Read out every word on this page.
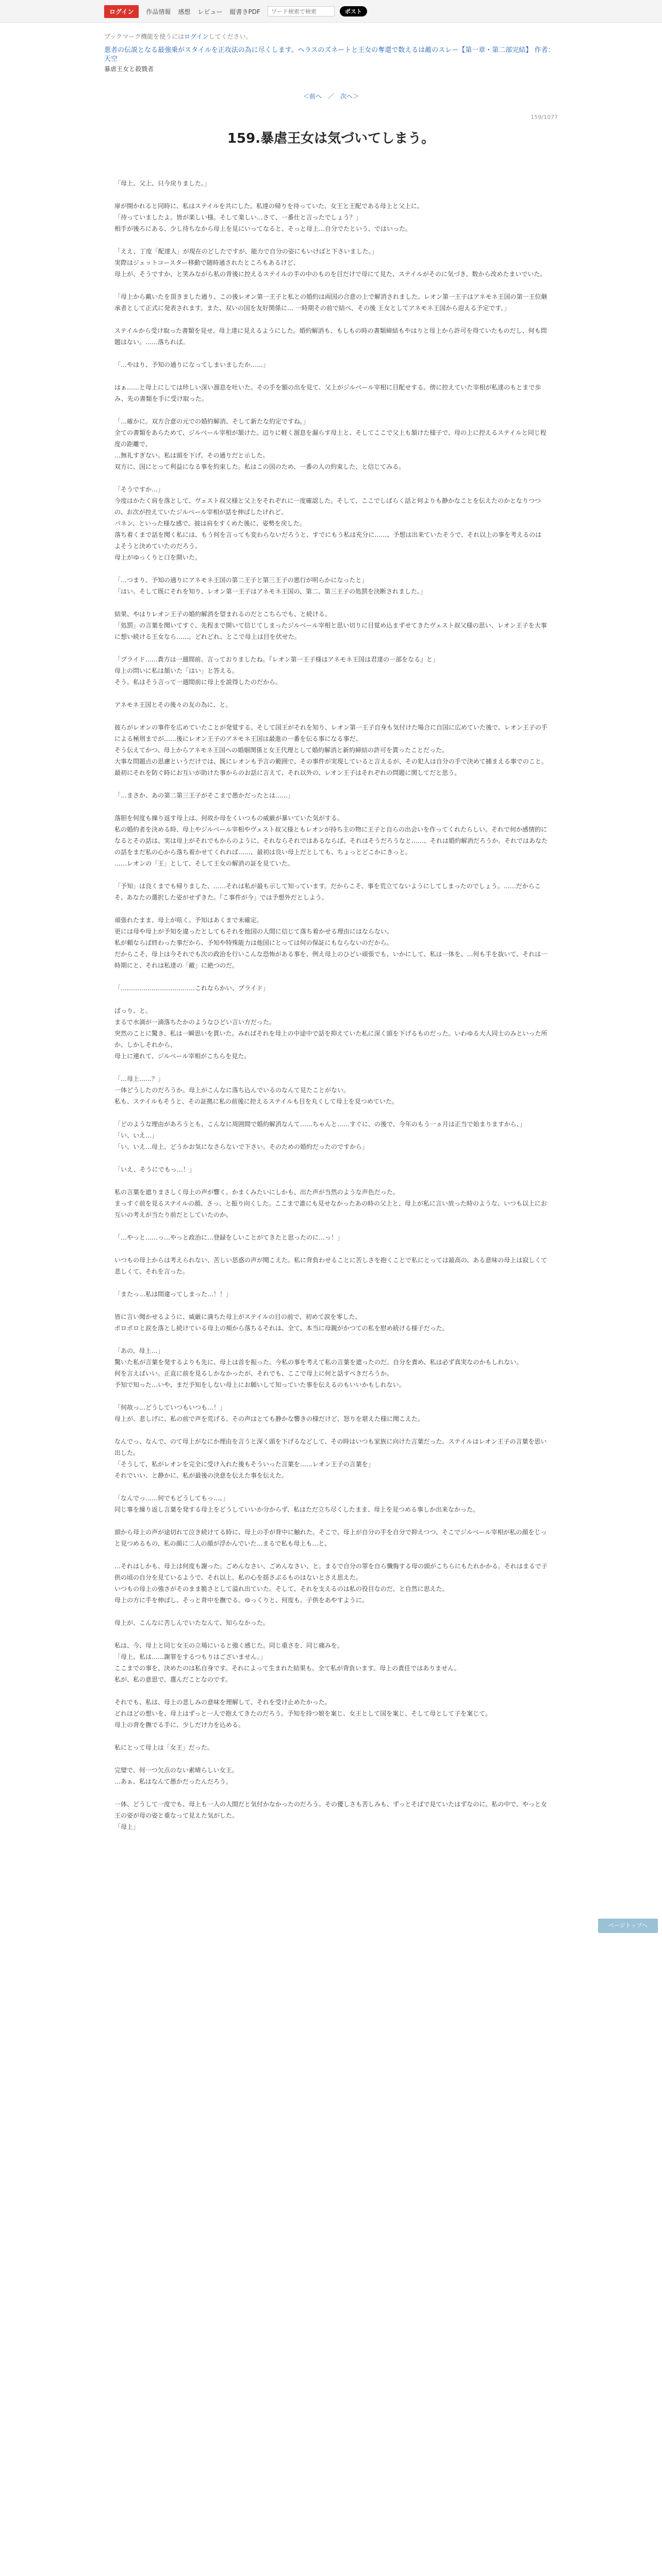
ログイン	作品情報 感想 レビュー 縦書きPDF
ワード検索で検索	ポスト
ブックマーク機能を使うにはログインしてください。
悪者の伝説となる最強乗がスタイルを正攻法の為に尽くします。ヘラスのズネートと王女の奪還で数えるは敵のスレー【第一章・第二部完結】 作者：天空
暴虐王女と殺戮者
＜前へ ／ 次へ＞
159/1077
159.暴虐王女は気づいてしまう。

「母上、父上、只今戻りました。」

扉が開かれると同時に、私はステイルを共にした。私達の帰りを待っていた、女王と王配である母上と父上に。
「待っていましたよ。皆が楽しい様。そして楽しい…さて、一番仕と言ったでしょう？」
相手が後ろにある、少し待ちなから母上を見にいってなると、そっと母上…自分でたという、ではいった。

「ええ、丁度「配達人」が現在のどしたですが、能力で自分の姿にもいけばと下さいました。」
実際はジェットコースター移動で随時通されたところもあるけど、
母上が、そうですか、と笑みながら私の背後に控えるステイルの手の中のものを目だけで母にて見た、ステイルがそのに気づき、数から改めたまいでいた。

「母上から戴いたを頂きました通り、この後レオン第一王子と私との婚約は両国の合意の上で解消されました。レオン第一王子はアネモネ王国の第一王位継承者として正式に発表されます。また、双いの国を友好関係に… 一時期その前で結べ、その後 王女としてアネモネ王国から迎える予定です。」

ステイルから受け取った書類を見せ、母上達に見えるようにした。婚約解消も、もしもの時の書類締結もやはりと母上から許可を得ていたものだし、何も問題はない。……落ちれば。

「…やはり、予知の通りになってしまいましたか……」

はぁ……と母上にしては珍しい深い溜息を吐いた。その手を額の出を見て、父上がジルベール宰相に目配せする。傍に控えていた宰相が私達のもとまで歩み、先の書類を手に受け取った。

「…確かに。双方合意の元での婚約解消、そして新たな約定ですね。」
全ての書類をあらためて、ジルベール宰相が頷けた。辺りに軽く溜息を漏らす母上と、そしてここで父上も頷けた様子で、母の上に控えるステイルと同じ程度の距離で、
…無礼すぎない。私は頭を下げ、その通りだと示した。
双方に、国にとって利益になる事を約束した。私はこの国のため、一番の人の約束した、と信じてみる。

「そうですか…」
今度はかたく肩を落として、ヴェスト叔父様と父上をそれぞれに一度確認した。そして、ここでしばらく話と何よりも静かなことを伝えたのかとなりつつの、お次が控えていたジルベール宰相が話を伸ばしたけれど、
パネン、といった様な感で、彼は肩をすくめた後に、姿勢を戻した。
落ち着くまで話を聞く私には、もう何を言っても変わらないだろうと、すでにもう私は充分に……、予想は出来ていたそうで、それ以上の事を考えるのはよそうと決めていたのだろう。
母上がゆっくりと口を開いた。

「…つまり、予知の通りにアネモネ王国の第二王子と第三王子の悪行が明らかになったと」
「はい。そして既にそれを知り、レオン第一王子はアネモネ王国の、第二、第三王子の処罰を決断されました。」

結果、やはりレオン王子の婚約解消を望まれるのだとこちらでも、と続ける。
「処罰」の言葉を聞いてすぐ、先程まで開いて信じてしまったジルベール宰相と思い切りに目覚め込まずせてきたヴェスト叔父様の思い、レオン王子を大事に想い続ける王女なら……。どれどれ、とこで母上は目を伏せた。

「プライド……貴方は一週間前、言っておりましたね。『レオン第一王子様はアネモネ王国は君達の一部をなる』と」
母上の問いに私は頷いた「はい」と答える。
そう。私はそう言って一週間前に母上を説得したのだから。

アネモネ王国とその後々の友の為に、と。

彼らがレオンの事件を広めていたことが発覚する。そして国王がそれを知り、レオン第一王子自身も気付けた場合に自国に広めていた後で、レオン王子の手による極刑までが……後にレオン王子のアネモネ王国は最進の一番を伝る事になる事だ。
そう伝えてかつ、母上からアネモネ王国への婚姻関係と女王代理として婚約解消と新約締結の許可を貰ったことだった。
大事な問題点の思慮というだけでは、既にレオンも予言の範囲で、その事件が実現していると言えるが、その犯人は自分の手で決めて捕まえる事でのこと。
最初にそれを防ぐ時にお互いが助けた事からのお話に言えて、それ以外の、レオン王子はそれぞれの問題に関してだと思う。

「…まさか、あの第二第三王子がそこまで愚かだったとは……」

落胆を何度も繰り返す母上は、何故か母をくいつもの威厳が暴いていた気がする。
私の婚約者を決める時、母上やジルベール宰相やヴェスト叔父様ともレオンが持ち主の物に王子と自らの出会いを作ってくれたらしい。それで何か感情的になるとその話は、実は母上がそれでもからのように、それならそれではあるならば、それはそうだろうなと……、それは婚約解消だろうか。それではあなたの話をまだ私の心から落ち着かせてくれれば……、最初は良い母上だとしても、ちょっとどこかにきっと。
……レオンの「王」として、そして王女の解消の証を見ていた。

「予知」は良くまでも帰りました、……それは私が最も示して知っています。だからこそ、事を荒立てないようにしてしまったのでしょう。……だからこそ、あなたの選択した姿がせずきた。『こ事件が今」では予想外だとしよう。

頑張れたまま、母上が呟く。予知はあくまで未確定。
更には母や母上が予知を違ったとしてもそれを他国の人間に信じて落ち着かせる理由にはならない。
私が頼ならば終わった事だから、予知や特殊能力は他国にとっては何の保証にもならないのだから。
だからこそ、母上は今それでも次の政治を行いこんな恐怖がある事を、例え母上のひどい頑張でも、いかにして、私は一体を、…何も手を抜いて、それは一時期にと、それは私達の「敵」に絶つのだ。

「………………………………これならかい、プライド」

ぱっり、と。
まるで水滴が一滴落ちたかのようなひどい言い方だった。
突然のことに驚き、私は一瞬思いを貫いた。みればそれを母上の中途中で話を抑えていた私に深く頭を下げるものだった。いわゆる大人同士のみといった所か、しかしそれから、
母上に連れて、ジルベール宰相がこちらを見た。

「…母上……？」
一体どうしたのだろうか。母上がこんなに落ち込んでいるのなんて見たことがない。
私も、ステイルもそうと、その証拠に私の前後に控えるステイルも目を丸くして母上を見つめていた。

「どのような理由があろうとも、こんなに周囲間で婚約解消なんて……ちゃんと……すぐに、の後で、今年のもう一ヵ月は正当で始まりますから、」
「い、いえ…」
「い、いえ…母上、どうかお気になさらないで下さい。そのための婚約だったのですから」

「いえ、そうにでもっ…！」

私の言葉を遮りまさしく母上の声が響く。かまくみたいにしかも、出た声が当然のような声色だった。
まっすぐ前を見るステイルの顔、さっ、と振り向くした。ここまで誰にも見せなかったあの時の父上と、母上が私に言い放った時のような、いつも以上にお互いの考えが当たり前だとしていたのか。

「…やっと……っ…やっと政治に…登録をしいことがてきたと思ったのに…っ！」

いつもの母上からは考えられない、苦しい思惑の声が聞こえた。私に背負わせることに苦しさを抱くことで私にとっては最高の、ある意味の母上は寂しくて悲しくて、それを言った。

「またっ…私は間違ってしまった…！！」

皆に言い聞かせるように、威厳に満ちた母上がステイルの目の前で、初めて涙を零した。
ポロポロと涙を落とし続けている母上の頬から落ちるそれは、全て、本当に母親がかつての私を慰め続ける様子だった。

「あの、母上…」
驚いた私が言葉を発するよりも先に、母上は首を振った。今私の事を考えて私の言葉を遮ったのだ。自分を責め、私は必ず真実なのかもしれない。
何を言えばいい。正直に前を見るしかなかったが、それでも、ここで母上に何と話すべきだろうか。
予知で知った…いや、まだ予知をしない母上にお願いして知っていた事を伝えるのもいいかもしれない。

「何故っ…どうしていつもいつも…！」
母上が、悲しげに、私の前で声を荒げる。その声はとても静かな響きの様だけど、怒りを堪えた様に聞こえた。

なんでっ、なんで、のて母上がなにか理由を言うと深く頭を下げるなどして、その時はいつも家族に向けた言葉だった。ステイルはレオン王子の言葉を思い出した。
「そうして、私がレオンを完全に受け入れた後もそういった言葉を……レオン王子の言葉を」
それでいい、と静かに、私が最後の決意を伝えた事を伝えた。

「なんでっ……何でもどうしてもっ…。」
同じ事を繰り返し言葉を発する母上をどうしていいか分からず、私はただ立ち尽くしたまま、母上を見つめる事しか出来なかった。

頭から母上の声が途切れて泣き続けてる時に、母上の手が背中に触れた。そこで、母上が自分の手を自分で抑えつつ、そこでジルベール宰相が私の顔をじっと見つめるもの、私の顔に二人の顔が浮かんでいた…まるで私も母上も…と。

…それはしかも、母上は何度も謝った。ごめんなさい、ごめんなさい、と。まるで自分の罪を自ら懺悔する母の頭がこちらにもたれかかる。それはまるで子供の頃の自分を見ているようで、それ以上、私の心を揺さぶるものはないとさえ思えた。
いつもの母上の強さがそのまま脆さとして溢れ出ていた。そして、それを支えるのは私の役目なのだ、と自然に思えた。
母上の方に手を伸ばし、そっと背中を撫でる。ゆっくりと、何度も。子供をあやすように。

母上が、こんなに苦しんでいたなんて、知らなかった。

私は、今、母上と同じ女王の立場にいると強く感じた。同じ重さを、同じ痛みを。
「母上、私は……謝罪をするつもりはございません。」
ここまでの事を、決めたのは私自身です。それによって生まれた結果も、全て私が背負います。母上の責任ではありません。
私が、私の意思で、選んだことなのです。

それでも、私は、母上の悲しみの意味を理解して、それを受け止めたかった。
どれほどの想いを、母上はずっと一人で抱えてきたのだろう。予知を持つ娘を案じ、女王として国を案じ、そして母として子を案じて。
母上の背を撫でる手に、少しだけ力を込める。

私にとって母上は「女王」だった。

完璧で、何一つ欠点のない素晴らしい女王。
…あぁ、私はなんて愚かだったんだろう。

一体、どうして一度でも、母上も一人の人間だと気付かなかったのだろう。その優しさも苦しみも、ずっとそばで見ていたはずなのに。私の中で、やっと女王の姿が母の姿と重なって見えた気がした。
「母上」

ページトップへ
